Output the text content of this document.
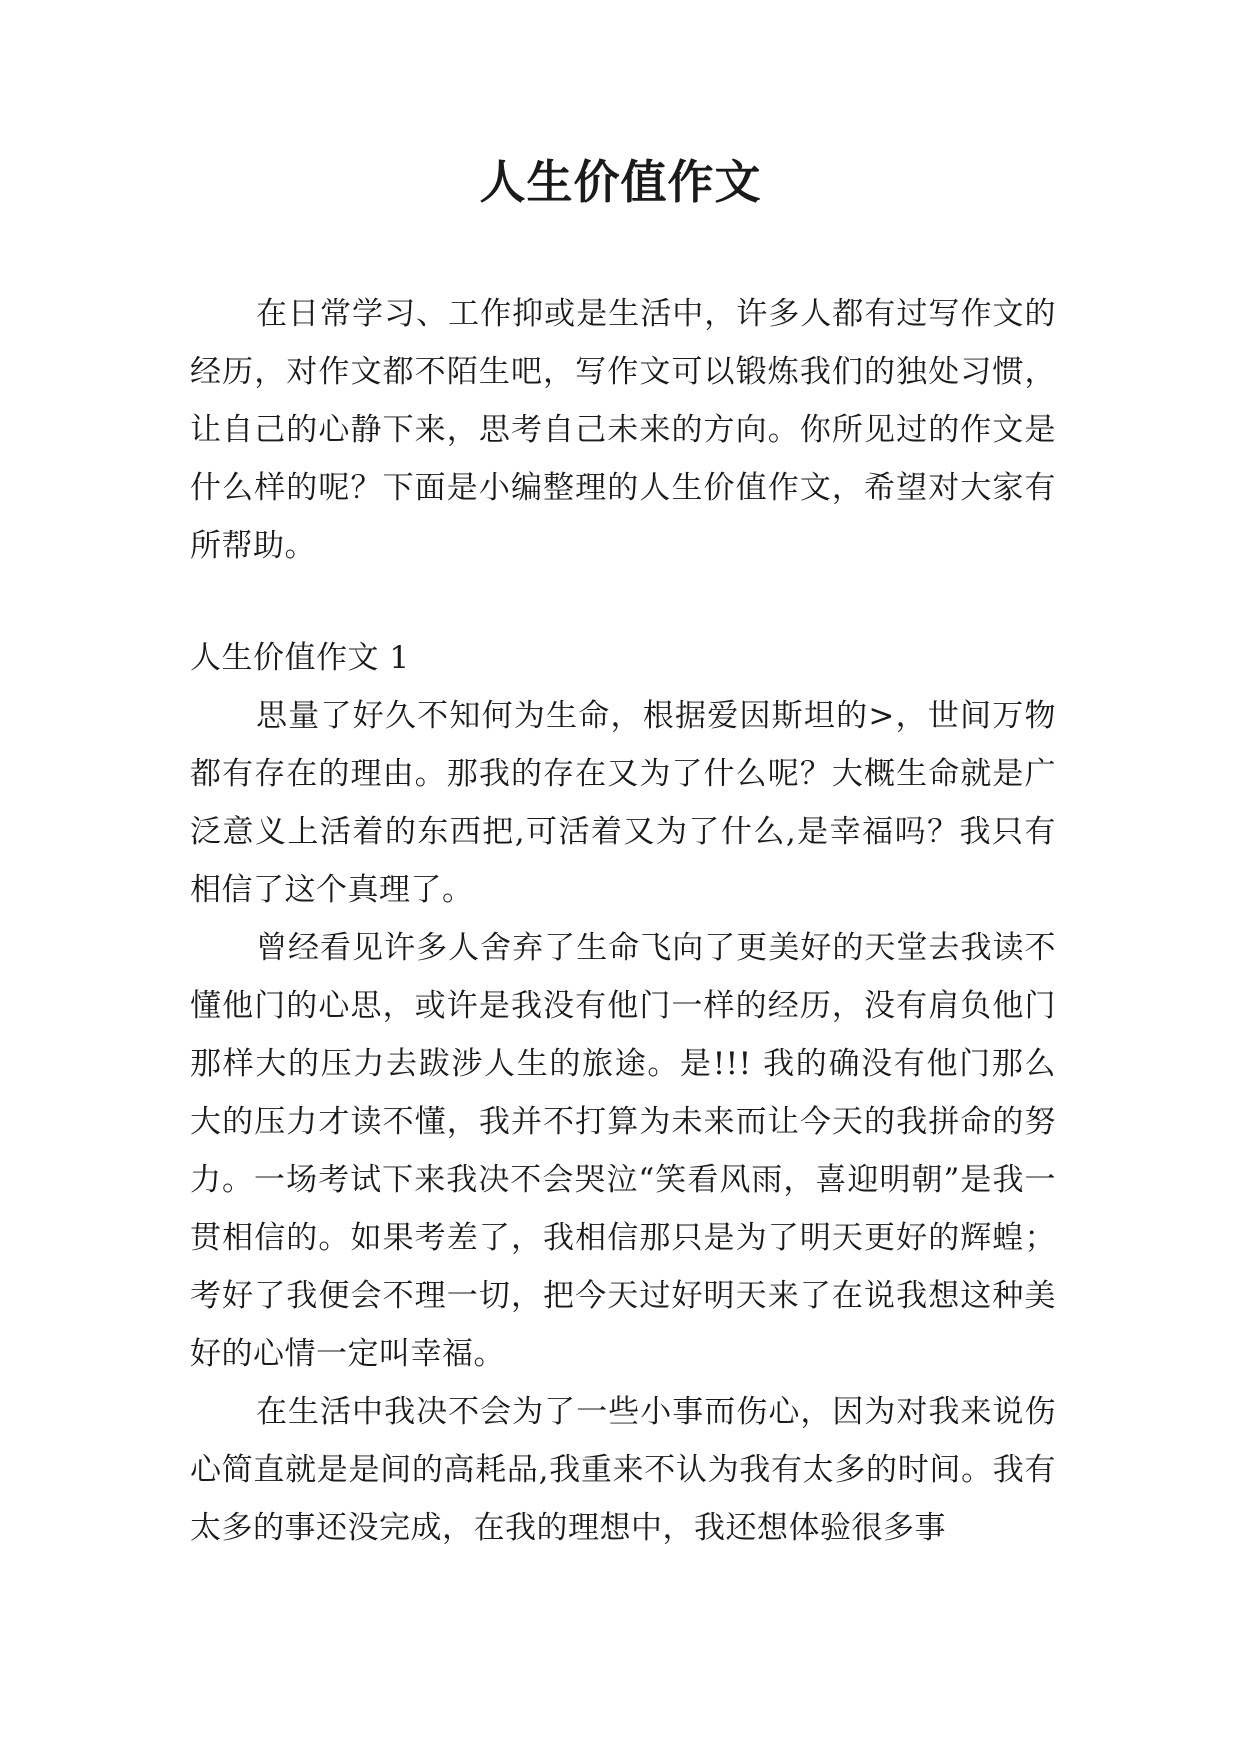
人生价值作文

在日常学习、工作抑或是生活中，许多人都有过写作文的经历，对作文都不陌生吧，写作文可以锻炼我们的独处习惯，让自己的心静下来，思考自己未来的方向。你所见过的作文是什么样的呢？下面是小编整理的人生价值作文，希望对大家有所帮助。

人生价值作文 1

思量了好久不知何为生命，根据爱因斯坦的>，世间万物都有存在的理由。那我的存在又为了什么呢？大概生命就是广泛意义上活着的东西把,可活着又为了什么,是幸福吗？我只有相信了这个真理了。

曾经看见许多人舍弃了生命飞向了更美好的天堂去我读不懂他门的心思，或许是我没有他门一样的经历，没有肩负他门那样大的压力去跋涉人生的旅途。是!!! 我的确没有他门那么大的压力才读不懂，我并不打算为未来而让今天的我拼命的努力。一场考试下来我决不会哭泣“笑看风雨，喜迎明朝”是我一贯相信的。如果考差了，我相信那只是为了明天更好的辉蝗；考好了我便会不理一切，把今天过好明天来了在说我想这种美好的心情一定叫幸福。

在生活中我决不会为了一些小事而伤心，因为对我来说伤心简直就是是间的高耗品,我重来不认为我有太多的时间。我有太多的事还没完成，在我的理想中，我还想体验很多事
